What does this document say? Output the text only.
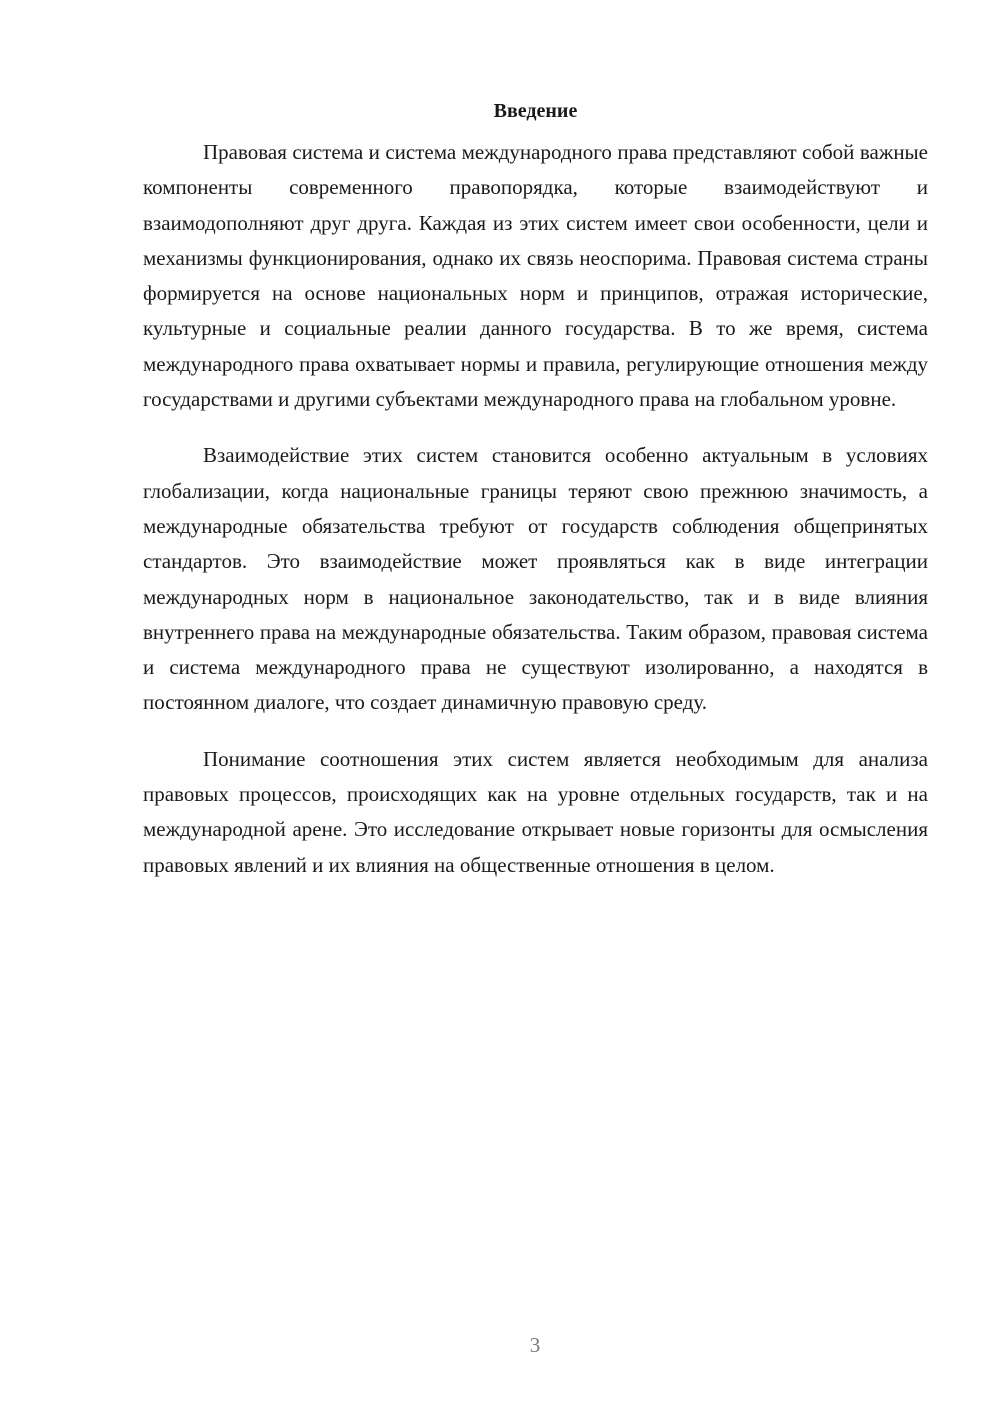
Введение

Правовая система и система международного права представляют собой важные компоненты современного правопорядка, которые взаимодействуют и взаимодополняют друг друга. Каждая из этих систем имеет свои особенности, цели и механизмы функционирования, однако их связь неоспорима. Правовая система страны формируется на основе национальных норм и принципов, отражая исторические, культурные и социальные реалии данного государства. В то же время, система международного права охватывает нормы и правила, регулирующие отношения между государствами и другими субъектами международного права на глобальном уровне.

Взаимодействие этих систем становится особенно актуальным в условиях глобализации, когда национальные границы теряют свою прежнюю значимость, а международные обязательства требуют от государств соблюдения общепринятых стандартов. Это взаимодействие может проявляться как в виде интеграции международных норм в национальное законодательство, так и в виде влияния внутреннего права на международные обязательства. Таким образом, правовая система и система международного права не существуют изолированно, а находятся в постоянном диалоге, что создает динамичную правовую среду.

Понимание соотношения этих систем является необходимым для анализа правовых процессов, происходящих как на уровне отдельных государств, так и на международной арене. Это исследование открывает новые горизонты для осмысления правовых явлений и их влияния на общественные отношения в целом.

3
